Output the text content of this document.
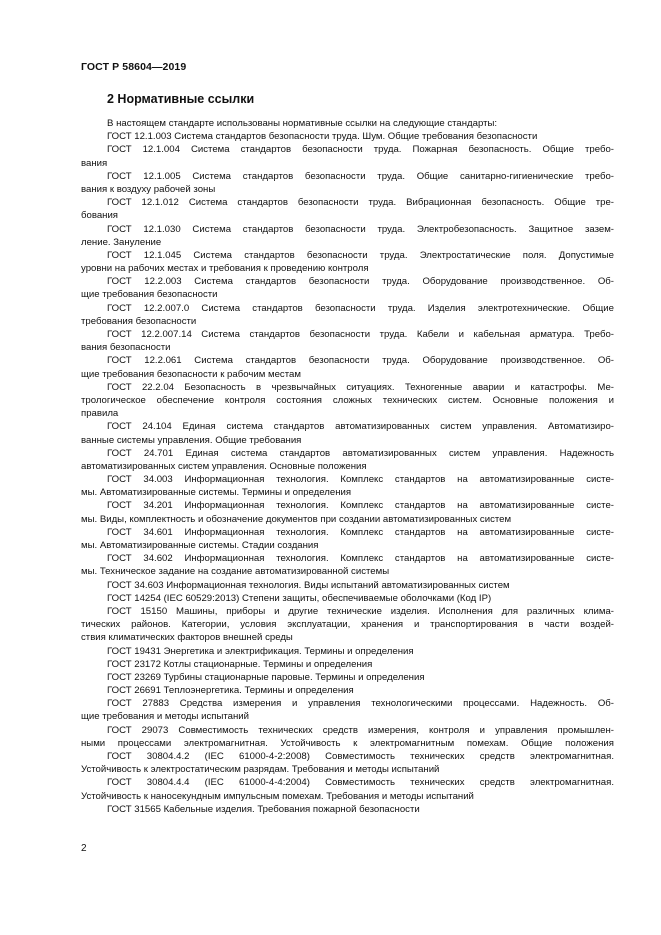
ГОСТ Р 58604—2019
2 Нормативные ссылки
В настоящем стандарте использованы нормативные ссылки на следующие стандарты:
ГОСТ 12.1.003 Система стандартов безопасности труда. Шум. Общие требования безопасности
ГОСТ 12.1.004 Система стандартов безопасности труда. Пожарная безопасность. Общие требо-
вания
ГОСТ 12.1.005 Система стандартов безопасности труда. Общие санитарно-гигиенические требо-
вания к воздуху рабочей зоны
ГОСТ 12.1.012 Система стандартов безопасности труда. Вибрационная безопасность. Общие тре-
бования
ГОСТ 12.1.030 Система стандартов безопасности труда. Электробезопасность. Защитное зазем-
ление. Зануление
ГОСТ 12.1.045 Система стандартов безопасности труда. Электростатические поля. Допустимые
уровни на рабочих местах и требования к проведению контроля
ГОСТ 12.2.003 Система стандартов безопасности труда. Оборудование производственное. Об-
щие требования безопасности
ГОСТ 12.2.007.0 Система стандартов безопасности труда. Изделия электротехнические. Общие
требования безопасности
ГОСТ 12.2.007.14 Система стандартов безопасности труда. Кабели и кабельная арматура. Требо-
вания безопасности
ГОСТ 12.2.061 Система стандартов безопасности труда. Оборудование производственное. Об-
щие требования безопасности к рабочим местам
ГОСТ 22.2.04 Безопасность в чрезвычайных ситуациях. Техногенные аварии и катастрофы. Ме-
трологическое обеспечение контроля состояния сложных технических систем. Основные положения и
правила
ГОСТ 24.104 Единая система стандартов автоматизированных систем управления. Автоматизиро-
ванные системы управления. Общие требования
ГОСТ 24.701 Единая система стандартов автоматизированных систем управления. Надежность
автоматизированных систем управления. Основные положения
ГОСТ 34.003 Информационная технология. Комплекс стандартов на автоматизированные систе-
мы. Автоматизированные системы. Термины и определения
ГОСТ 34.201 Информационная технология. Комплекс стандартов на автоматизированные систе-
мы. Виды, комплектность и обозначение документов при создании автоматизированных систем
ГОСТ 34.601 Информационная технология. Комплекс стандартов на автоматизированные систе-
мы. Автоматизированные системы. Стадии создания
ГОСТ 34.602 Информационная технология. Комплекс стандартов на автоматизированные систе-
мы. Техническое задание на создание автоматизированной системы
ГОСТ 34.603 Информационная технология. Виды испытаний автоматизированных систем
ГОСТ 14254 (IEC 60529:2013) Степени защиты, обеспечиваемые оболочками (Код IP)
ГОСТ 15150 Машины, приборы и другие технические изделия. Исполнения для различных клима-
тических районов. Категории, условия эксплуатации, хранения и транспортирования в части воздей-
ствия климатических факторов внешней среды
ГОСТ 19431 Энергетика и электрификация. Термины и определения
ГОСТ 23172 Котлы стационарные. Термины и определения
ГОСТ 23269 Турбины стационарные паровые. Термины и определения
ГОСТ 26691 Теплоэнергетика. Термины и определения
ГОСТ 27883 Средства измерения и управления технологическими процессами. Надежность. Об-
щие требования и методы испытаний
ГОСТ 29073 Совместимость технических средств измерения, контроля и управления промышлен-
ными процессами электромагнитная. Устойчивость к электромагнитным помехам. Общие положения
ГОСТ 30804.4.2 (IEC 61000-4-2:2008) Совместимость технических средств электромагнитная.
Устойчивость к электростатическим разрядам. Требования и методы испытаний
ГОСТ 30804.4.4 (IEC 61000-4-4:2004) Совместимость технических средств электромагнитная.
Устойчивость к наносекундным импульсным помехам. Требования и методы испытаний
ГОСТ 31565 Кабельные изделия. Требования пожарной безопасности
2
